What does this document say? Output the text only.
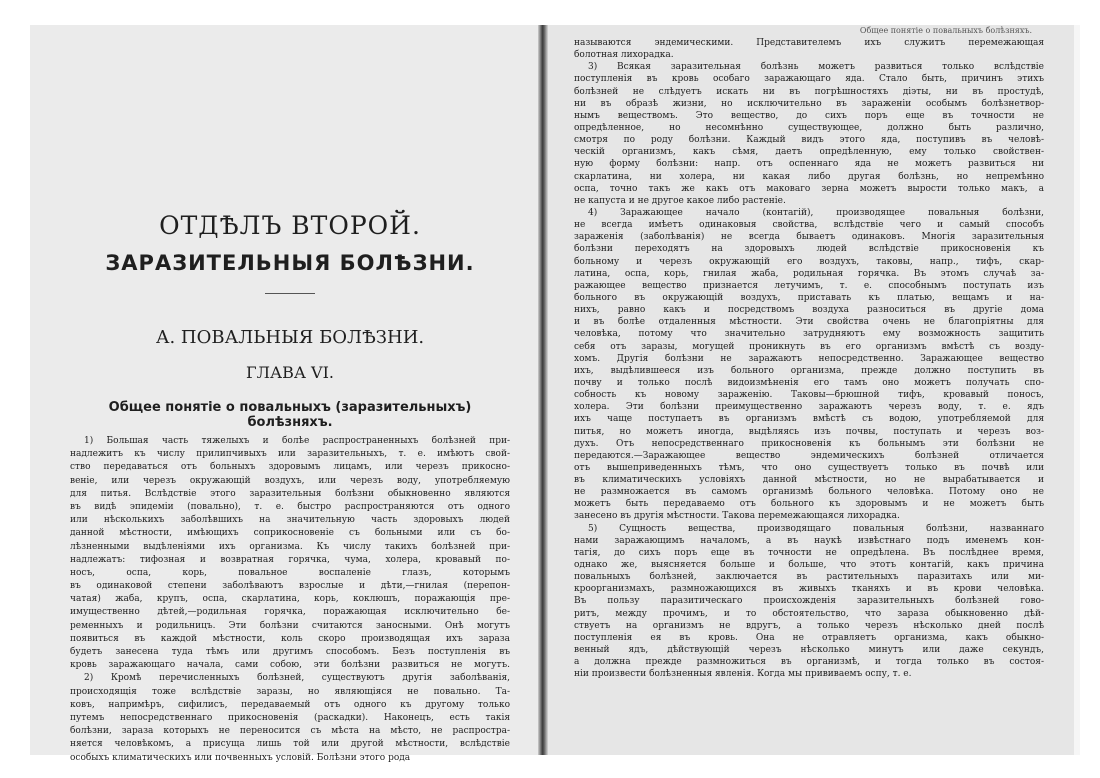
ОТДѢЛЪ ВТОРОЙ.
ЗАРАЗИТЕЛЬНЫЯ БОЛѢЗНИ.
А. ПОВАЛЬНЫЯ БОЛѢЗНИ.
ГЛАВА VI.
Общее понятіе о повальныхъ (заразительныхъ) болѣзняхъ.
1) Большая часть тяжелыхъ и болѣе распространенныхъ болѣзней при-
надлежитъ къ числу прилипчивыхъ или заразительныхъ, т. е. имѣютъ свой-
ство передаваться отъ больныхъ здоровымъ лицамъ, или черезъ прикосно-
веніе, или черезъ окружающій воздухъ, или черезъ воду, употребляемую
для питья. Вслѣдствіе этого заразительныя болѣзни обыкновенно являются
въ видѣ эпидеміи (повально), т. е. быстро распространяются отъ одного
или нѣсколькихъ заболѣвшихъ на значительную часть здоровыхъ людей
данной мѣстности, имѣющихъ соприкосновеніе съ больными или съ бо-
лѣзненными выдѣленіями ихъ организма. Къ числу такихъ болѣзней при-
надлежатъ: тифозная и возвратная горячка, чума, холера, кровавый по-
носъ, оспа, корь, повальное воспаленіе глазъ, которымъ
въ одинаковой степени заболѣваютъ взрослые и дѣти,—гнилая (перепон-
чатая) жаба, крупъ, оспа, скарлатина, корь, коклюшъ, поражающія пре-
имущественно дѣтей,—родильная горячка, поражающая исключительно бе-
ременныхъ и родильницъ. Эти болѣзни считаются заносными. Онѣ могутъ
появиться въ каждой мѣстности, коль скоро производящая ихъ зараза
будетъ занесена туда тѣмъ или другимъ способомъ. Безъ поступленія въ
кровь заражающаго начала, сами собою, эти болѣзни развиться не могутъ.
2) Кромѣ перечисленныхъ болѣзней, существуютъ другія заболѣванія,
происходящія тоже вслѣдствіе заразы, но являющіяся не повально. Та-
ковъ, напримѣръ, сифилисъ, передаваемый отъ одного къ другому только
путемъ непосредственнаго прикосновенія (раскадки). Наконецъ, есть такія
болѣзни, зараза которыхъ не переносится съ мѣста на мѣсто, не распростра-
няется человѣкомъ, а присуща лишь той или другой мѣстности, вслѣдствіе
особыхъ климатическихъ или почвенныхъ условій. Болѣзни этого рода
Общее понятіе о повальныхъ болѣзняхъ.
называются эндемическими. Представителемъ ихъ служитъ перемежающая
болотная лихорадка.
3) Всякая заразительная болѣзнь можетъ развиться только вслѣдствіе
поступленія въ кровь особаго заражающаго яда. Стало быть, причинъ этихъ
болѣзней не слѣдуетъ искать ни въ погрѣшностяхъ діэты, ни въ простудѣ,
ни въ образѣ жизни, но исключительно въ зараженіи особымъ болѣзнетвор-
нымъ веществомъ. Это вещество, до сихъ поръ еще въ точности не
опредѣленное, но несомнѣнно существующее, должно быть различно,
смотря по роду болѣзни. Каждый видъ этого яда, поступивъ въ человѣ-
ческій организмъ, какъ сѣмя, даетъ опредѣленную, ему только свойствен-
ную форму болѣзни: напр. отъ оспеннаго яда не можетъ развиться ни
скарлатина, ни холера, ни какая либо другая болѣзнь, но непремѣнно
оспа, точно такъ же какъ отъ маковаго зерна можетъ вырости только макъ, а
не капуста и не другое какое либо растеніе.
4) Заражающее начало (контагій), производящее повальныя болѣзни,
не всегда имѣетъ одинаковыя свойства, вслѣдствіе чего и самый способъ
зараженія (заболѣванія) не всегда бываетъ одинаковъ. Многія заразительныя
болѣзни переходятъ на здоровыхъ людей вслѣдствіе прикосновенія къ
больному и черезъ окружающій его воздухъ, таковы, напр., тифъ, скар-
латина, оспа, корь, гнилая жаба, родильная горячка. Въ этомъ случаѣ за-
ражающее вещество признается летучимъ, т. е. способнымъ поступать изъ
больного въ окружающій воздухъ, приставать къ платью, вещамъ и на-
нихъ, равно какъ и посредствомъ воздуха разноситься въ другіе дома
и въ болѣе отдаленныя мѣстности. Эти свойства очень не благопріятны для
человѣка, потому что значительно затрудняютъ ему возможность защитить
себя отъ заразы, могущей проникнуть въ его организмъ вмѣстѣ съ возду-
хомъ. Другія болѣзни не заражаютъ непосредственно. Заражающее вещество
ихъ, выдѣлившееся изъ больного организма, прежде должно поступить въ
почву и только послѣ видоизмѣненія его тамъ оно можетъ получать спо-
собность къ новому зараженію. Таковы—брюшной тифъ, кровавый поносъ,
холера. Эти болѣзни преимущественно заражаютъ черезъ воду, т. е. ядъ
ихъ чаще поступаетъ въ организмъ вмѣстѣ съ водою, употребляемой для
питья, но можетъ иногда, выдѣляясь изъ почвы, поступать и черезъ воз-
духъ. Отъ непосредственнаго прикосновенія къ больнымъ эти болѣзни не
передаются.—Заражающее вещество эндемическихъ болѣзней отличается
отъ вышеприведенныхъ тѣмъ, что оно существуетъ только въ почвѣ или
въ климатическихъ условіяхъ данной мѣстности, но не вырабатывается и
не размножается въ самомъ организмѣ больного человѣка. Потому оно не
можетъ быть передаваемо отъ больного къ здоровымъ и не можетъ быть
занесено въ другія мѣстности. Такова перемежающаяся лихорадка.
5) Сущность вещества, производящаго повальныя болѣзни, названнаго
нами заражающимъ началомъ, а въ наукѣ извѣстнаго подъ именемъ кон-
тагія, до сихъ поръ еще въ точности не опредѣлена. Въ послѣднее время,
однако же, выясняется больше и больше, что этотъ контагій, какъ причина
повальныхъ болѣзней, заключается въ растительныхъ паразитахъ или ми-
кроорганизмахъ, размножающихся въ живыхъ тканяхъ и въ крови человѣка.
Въ пользу паразитическаго происхожденія заразительныхъ болѣзней гово-
ритъ, между прочимъ, и то обстоятельство, что зараза обыкновенно дѣй-
ствуетъ на организмъ не вдругъ, а только черезъ нѣсколько дней послѣ
поступленія ея въ кровь. Она не отравляетъ организма, какъ обыкно-
венный ядъ, дѣйствующій черезъ нѣсколько минутъ или даже секундъ,
а должна прежде размножиться въ организмѣ, и тогда только въ состоя-
ніи произвести болѣзненныя явленія. Когда мы прививаемъ оспу, т. е.
